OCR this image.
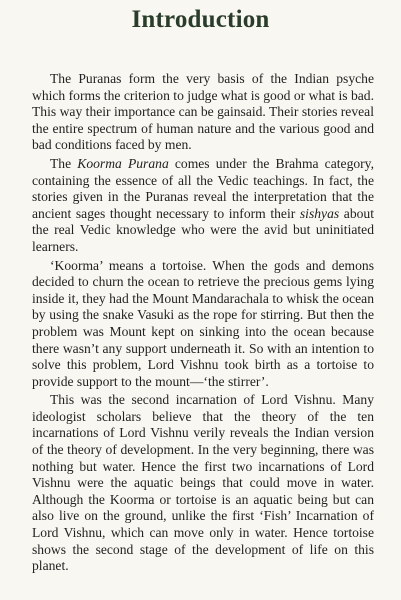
Introduction

The Puranas form the very basis of the Indian psyche which forms the criterion to judge what is good or what is bad. This way their importance can be gainsaid. Their stories reveal the entire spectrum of human nature and the various good and bad conditions faced by men.

The Koorma Purana comes under the Brahma category, containing the essence of all the Vedic teachings. In fact, the stories given in the Puranas reveal the interpretation that the ancient sages thought necessary to inform their sishyas about the real Vedic knowledge who were the avid but uninitiated learners.

‘Koorma’ means a tortoise. When the gods and demons decided to churn the ocean to retrieve the precious gems lying inside it, they had the Mount Mandarachala to whisk the ocean by using the snake Vasuki as the rope for stirring. But then the problem was Mount kept on sinking into the ocean because there wasn’t any support underneath it. So with an intention to solve this problem, Lord Vishnu took birth as a tortoise to provide support to the mount—‘the stirrer’.

This was the second incarnation of Lord Vishnu. Many ideologist scholars believe that the theory of the ten incarnations of Lord Vishnu verily reveals the Indian version of the theory of development. In the very beginning, there was nothing but water. Hence the first two incarnations of Lord Vishnu were the aquatic beings that could move in water. Although the Koorma or tortoise is an aquatic being but can also live on the ground, unlike the first ‘Fish’ Incarnation of Lord Vishnu, which can move only in water. Hence tortoise shows the second stage of the development of life on this planet.
